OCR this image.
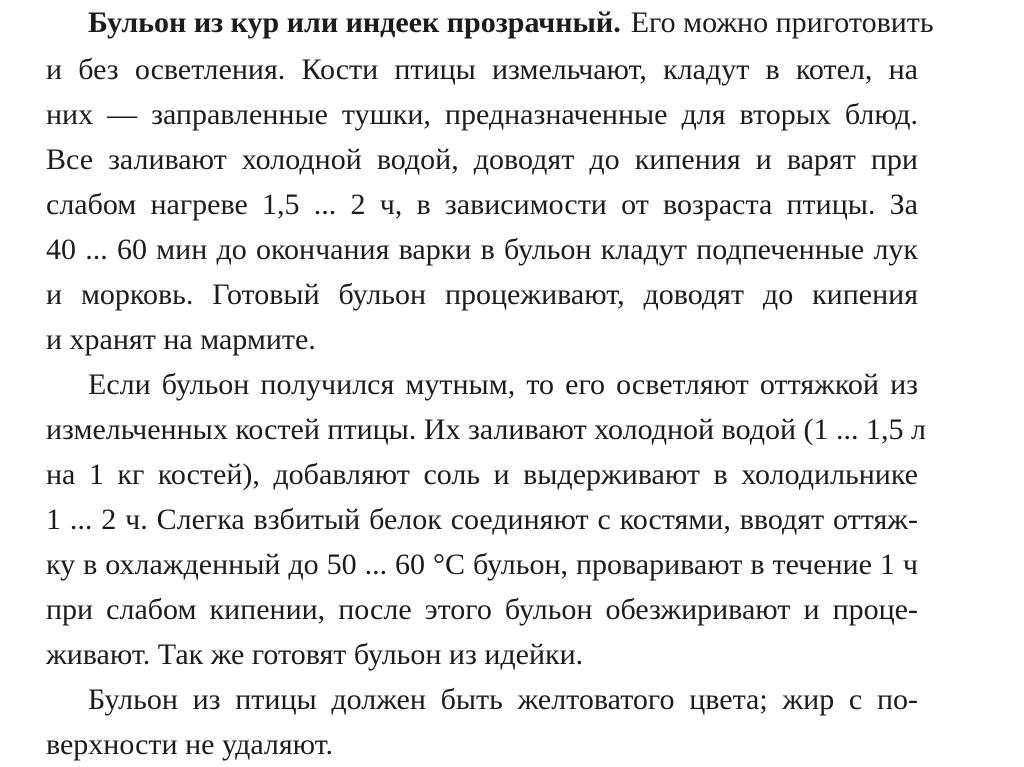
Бульон из кур или индеек прозрачный. Его можно приготовить
и без осветления. Кости птицы измельчают, кладут в котел, на
них — заправленные тушки, предназначенные для вторых блюд.
Все заливают холодной водой, доводят до кипения и варят при
слабом нагреве 1,5 ... 2 ч, в зависимости от возраста птицы. За
40 ... 60 мин до окончания варки в бульон кладут подпеченные лук
и морковь. Готовый бульон процеживают, доводят до кипения
и хранят на мармите.
Если бульон получился мутным, то его осветляют оттяжкой из
измельченных костей птицы. Их заливают холодной водой (1 ... 1,5 л
на 1 кг костей), добавляют соль и выдерживают в холодильнике
1 ... 2 ч. Слегка взбитый белок соединяют с костями, вводят оттяж-
ку в охлажденный до 50 ... 60 °С бульон, проваривают в течение 1 ч
при слабом кипении, после этого бульон обезжиривают и проце-
живают. Так же готовят бульон из идейки.
Бульон из птицы должен быть желтоватого цвета; жир с по-
верхности не удаляют.
